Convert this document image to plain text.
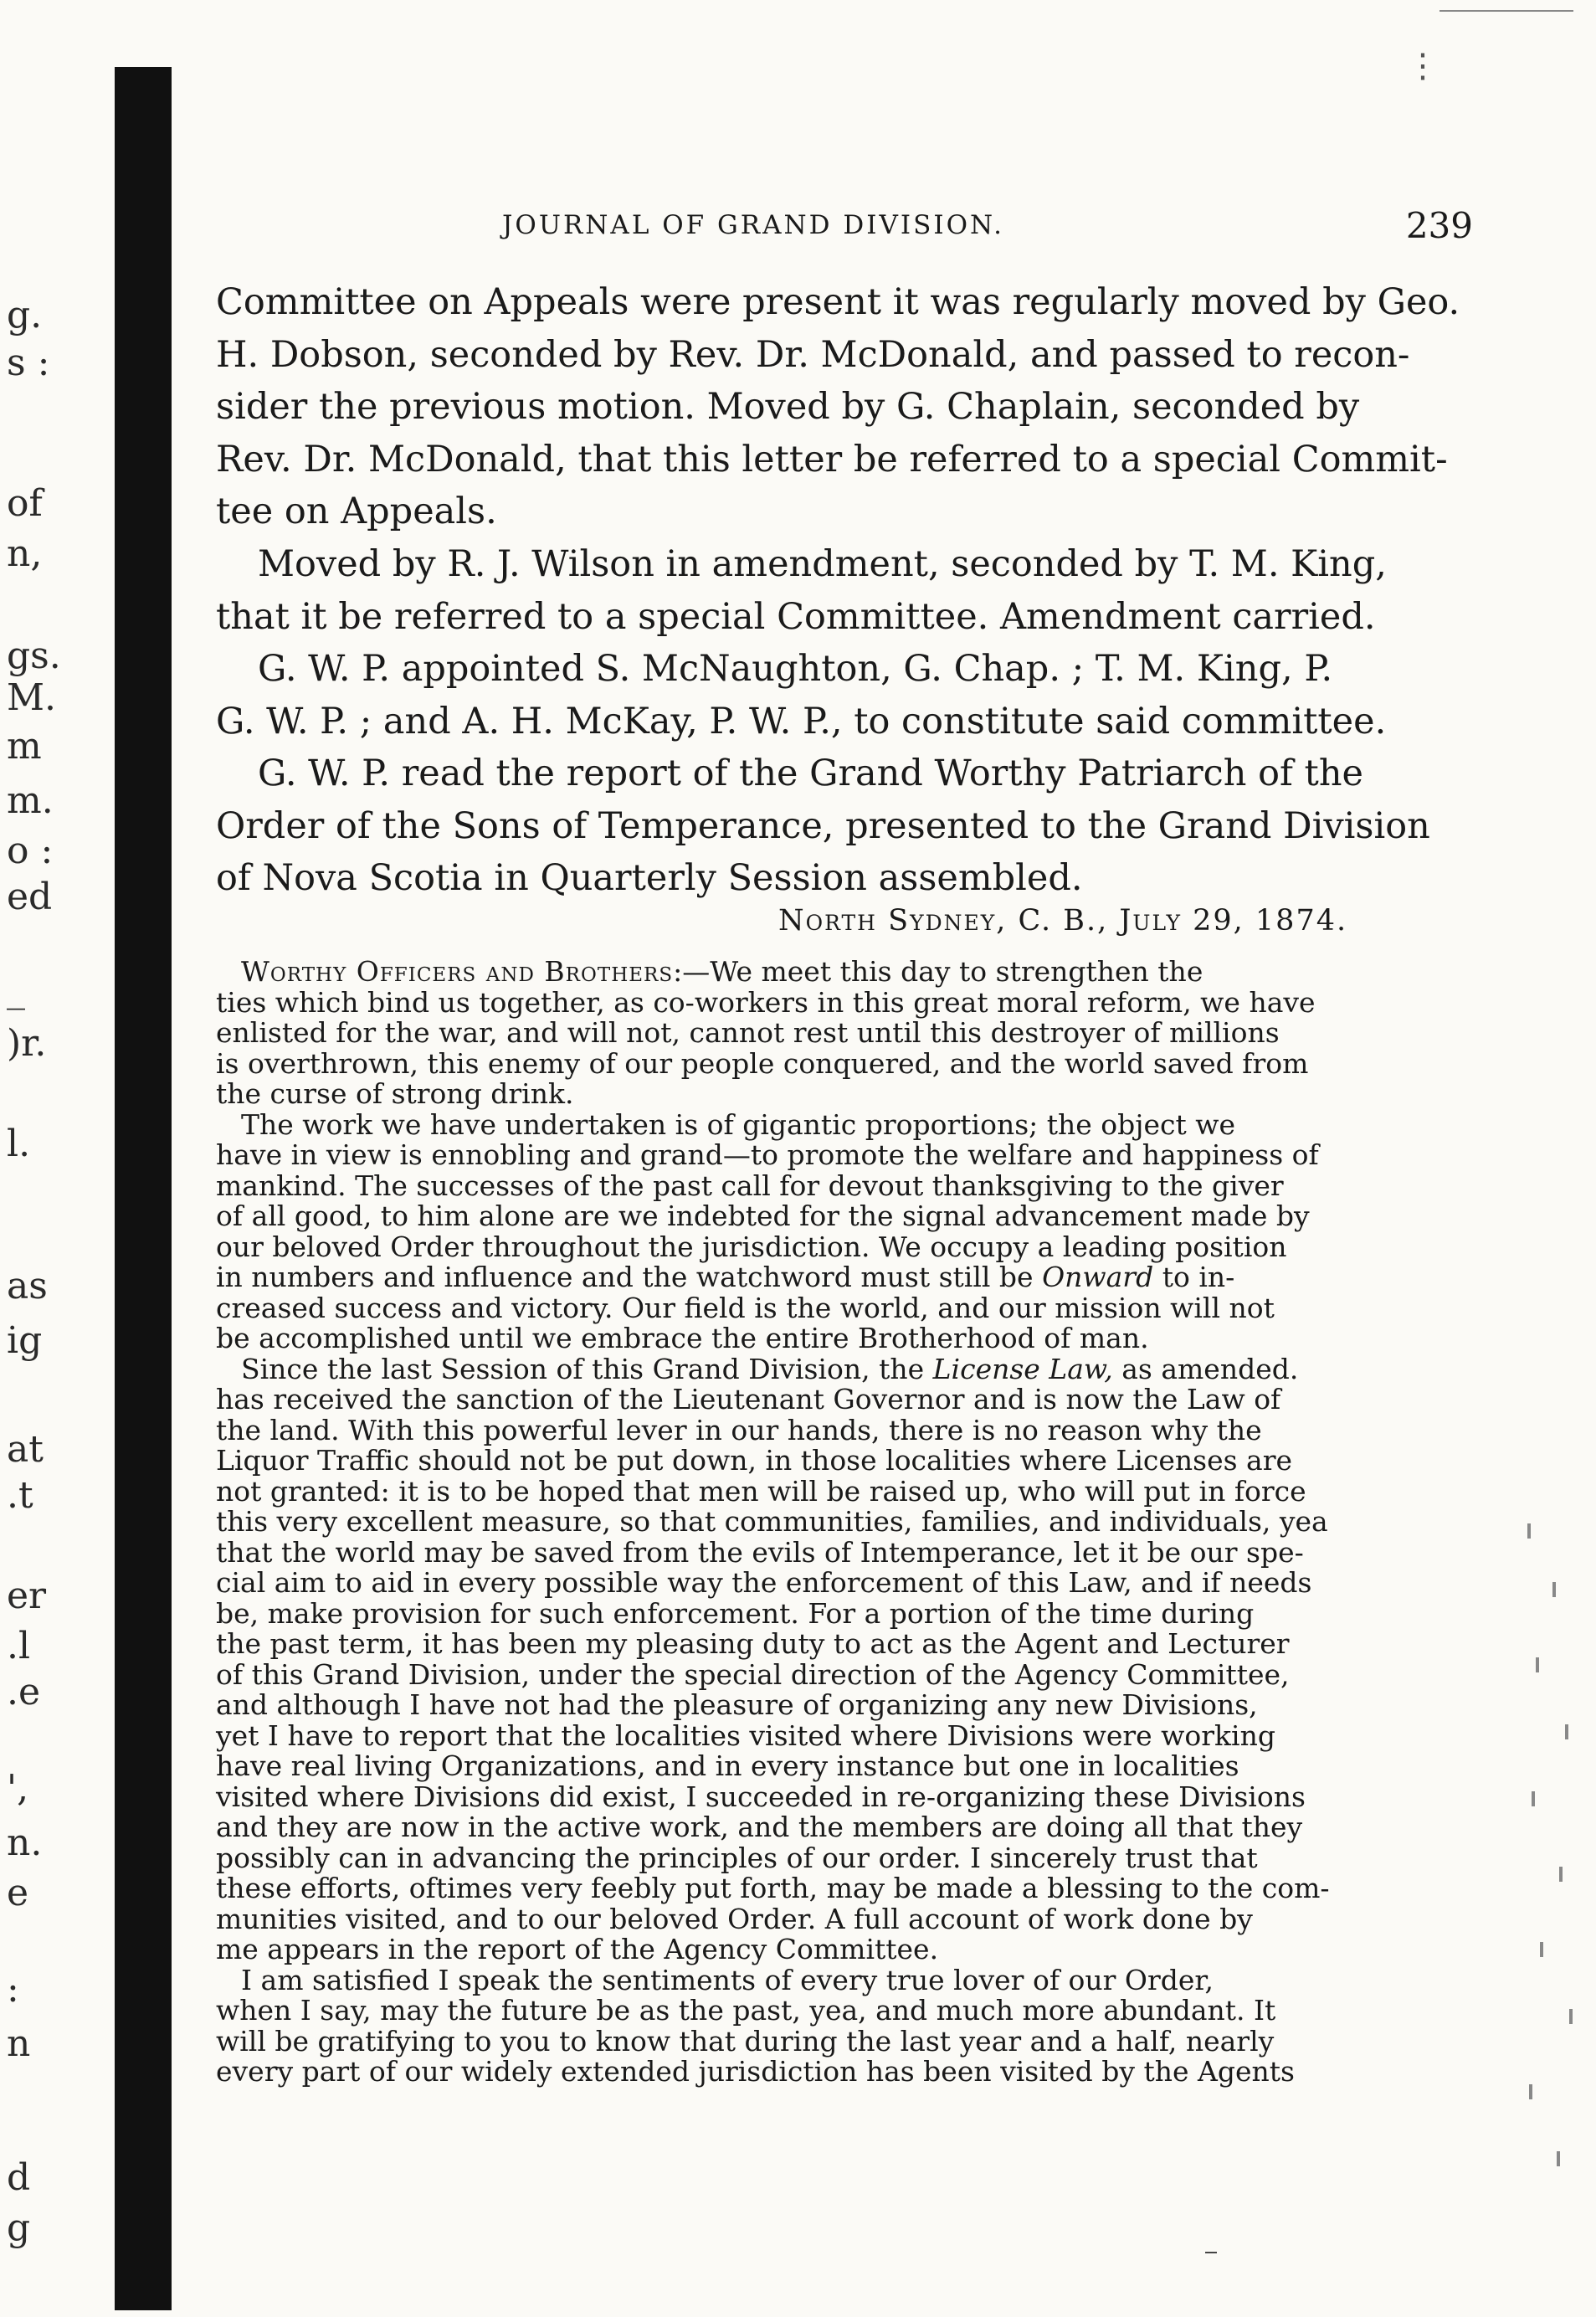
⋮
g.
s :
of
n,
gs.
M.
m
m.
o :
ed
_
)r.
l.
as
ig
at
.t
er
.l
.e
',
n.
e
:
n
d
g
JOURNAL OF GRAND DIVISION.	239
Committee on Appeals were present it was regularly moved by Geo.
H. Dobson, seconded by Rev. Dr. McDonald, and passed to recon-
sider the previous motion. Moved by G. Chaplain, seconded by
Rev. Dr. McDonald, that this letter be referred to a special Commit-
tee on Appeals.
Moved by R. J. Wilson in amendment, seconded by T. M. King,
that it be referred to a special Committee. Amendment carried.
G. W. P. appointed S. McNaughton, G. Chap. ; T. M. King, P.
G. W. P. ; and A. H. McKay, P. W. P., to constitute said committee.
G. W. P. read the report of the Grand Worthy Patriarch of the
Order of the Sons of Temperance, presented to the Grand Division
of Nova Scotia in Quarterly Session assembled.
North Sydney, C. B., July 29, 1874.
Worthy Officers and Brothers:—We meet this day to strengthen the
ties which bind us together, as co-workers in this great moral reform, we have
enlisted for the war, and will not, cannot rest until this destroyer of millions
is overthrown, this enemy of our people conquered, and the world saved from
the curse of strong drink.
The work we have undertaken is of gigantic proportions; the object we
have in view is ennobling and grand—to promote the welfare and happiness of
mankind. The successes of the past call for devout thanksgiving to the giver
of all good, to him alone are we indebted for the signal advancement made by
our beloved Order throughout the jurisdiction. We occupy a leading position
in numbers and influence and the watchword must still be Onward to in-
creased success and victory. Our field is the world, and our mission will not
be accomplished until we embrace the entire Brotherhood of man.
Since the last Session of this Grand Division, the License Law, as amended.
has received the sanction of the Lieutenant Governor and is now the Law of
the land. With this powerful lever in our hands, there is no reason why the
Liquor Traffic should not be put down, in those localities where Licenses are
not granted: it is to be hoped that men will be raised up, who will put in force
this very excellent measure, so that communities, families, and individuals, yea
that the world may be saved from the evils of Intemperance, let it be our spe-
cial aim to aid in every possible way the enforcement of this Law, and if needs
be, make provision for such enforcement. For a portion of the time during
the past term, it has been my pleasing duty to act as the Agent and Lecturer
of this Grand Division, under the special direction of the Agency Committee,
and although I have not had the pleasure of organizing any new Divisions,
yet I have to report that the localities visited where Divisions were working
have real living Organizations, and in every instance but one in localities
visited where Divisions did exist, I succeeded in re-organizing these Divisions
and they are now in the active work, and the members are doing all that they
possibly can in advancing the principles of our order. I sincerely trust that
these efforts, oftimes very feebly put forth, may be made a blessing to the com-
munities visited, and to our beloved Order. A full account of work done by
me appears in the report of the Agency Committee.
I am satisfied I speak the sentiments of every true lover of our Order,
when I say, may the future be as the past, yea, and much more abundant. It
will be gratifying to you to know that during the last year and a half, nearly
every part of our widely extended jurisdiction has been visited by the Agents
